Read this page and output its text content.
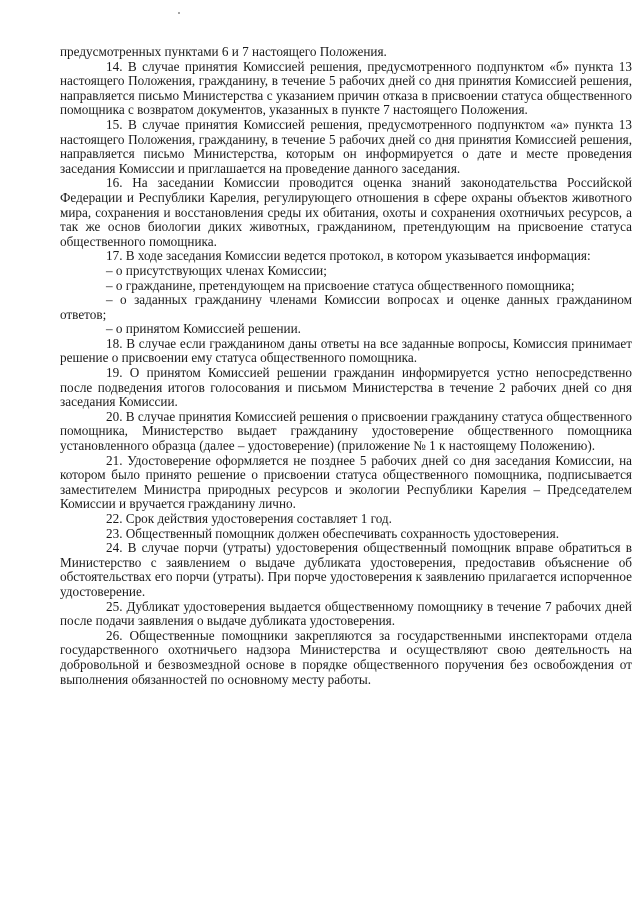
предусмотренных пунктами 6 и 7 настоящего Положения.

14. В случае принятия Комиссией решения, предусмотренного подпунктом «б» пункта 13 настоящего Положения, гражданину, в течение 5 рабочих дней со дня принятия Комиссией решения, направляется письмо Министерства с указанием причин отказа в присвоении статуса общественного помощника с возвратом документов, указанных в пункте 7 настоящего Положения.

15. В случае принятия Комиссией решения, предусмотренного подпунктом «а» пункта 13 настоящего Положения, гражданину, в течение 5 рабочих дней со дня принятия Комиссией решения, направляется письмо Министерства, которым он информируется о дате и месте проведения заседания Комиссии и приглашается на проведение данного заседания.

16. На заседании Комиссии проводится оценка знаний законодательства Российской Федерации и Республики Карелия, регулирующего отношения в сфере охраны объектов животного мира, сохранения и восстановления среды их обитания, охоты и сохранения охотничьих ресурсов, а так же основ биологии диких животных, гражданином, претендующим на присвоение статуса общественного помощника.

17. В ходе заседания Комиссии ведется протокол, в котором указывается информация:

– о присутствующих членах Комиссии;

– о гражданине, претендующем на присвоение статуса общественного помощника;

– о заданных гражданину членами Комиссии вопросах и оценке данных гражданином ответов;

– о принятом Комиссией решении.

18. В случае если гражданином даны ответы на все заданные вопросы, Комиссия принимает решение о присвоении ему статуса общественного помощника.

19. О принятом Комиссией решении гражданин информируется устно непосредственно после подведения итогов голосования и письмом Министерства в течение 2 рабочих дней со дня заседания Комиссии.

20. В случае принятия Комиссией решения о присвоении гражданину статуса общественного помощника, Министерство выдает гражданину удостоверение общественного помощника установленного образца (далее – удостоверение) (приложение № 1 к настоящему Положению).

21. Удостоверение оформляется не позднее 5 рабочих дней со дня заседания Комиссии, на котором было принято решение о присвоении статуса общественного помощника, подписывается заместителем Министра природных ресурсов и экологии Республики Карелия – Председателем Комиссии и вручается гражданину лично.

22. Срок действия удостоверения составляет 1 год.

23. Общественный помощник должен обеспечивать сохранность удостоверения.

24. В случае порчи (утраты) удостоверения общественный помощник вправе обратиться в Министерство с заявлением о выдаче дубликата удостоверения, предоставив объяснение об обстоятельствах его порчи (утраты). При порче удостоверения к заявлению прилагается испорченное удостоверение.

25. Дубликат удостоверения выдается общественному помощнику в течение 7 рабочих дней после подачи заявления о выдаче дубликата удостоверения.

26. Общественные помощники закрепляются за государственными инспекторами отдела государственного охотничьего надзора Министерства и осуществляют свою деятельность на добровольной и безвозмездной основе в порядке общественного поручения без освобождения от выполнения обязанностей по основному месту работы.
